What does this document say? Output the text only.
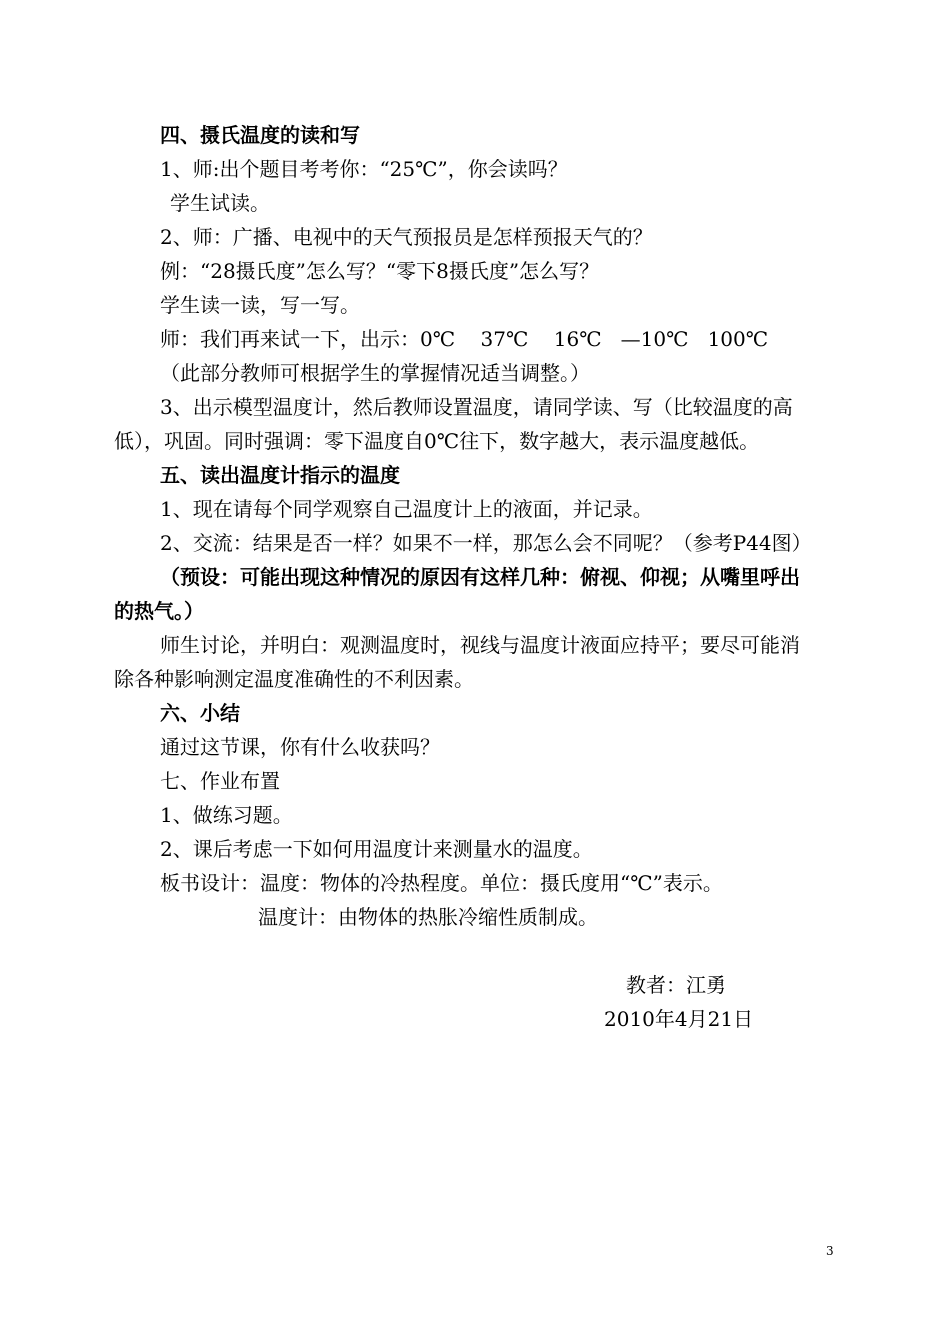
四、摄氏温度的读和写
1、师:出个题目考考你：“25℃”，你会读吗？
学生试读。
2、师：广播、电视中的天气预报员是怎样预报天气的？
例：“28摄氏度”怎么写？“零下8摄氏度”怎么写？
学生读一读，写一写。
师：我们再来试一下，出示：0℃    37℃    16℃   —10℃   100℃
（此部分教师可根据学生的掌握情况适当调整。）
3、出示模型温度计，然后教师设置温度，请同学读、写（比较温度的高
低），巩固。同时强调：零下温度自0℃往下，数字越大，表示温度越低。
五、读出温度计指示的温度
1、现在请每个同学观察自己温度计上的液面，并记录。
2、交流：结果是否一样？如果不一样，那怎么会不同呢？（参考P44图）
（预设：可能出现这种情况的原因有这样几种：俯视、仰视；从嘴里呼出
的热气。）
师生讨论，并明白：观测温度时，视线与温度计液面应持平；要尽可能消
除各种影响测定温度准确性的不利因素。
六、小结
通过这节课，你有什么收获吗？
七、作业布置
1、做练习题。
2、课后考虑一下如何用温度计来测量水的温度。
板书设计：温度：物体的冷热程度。单位：摄氏度用“℃”表示。
温度计：由物体的热胀冷缩性质制成。
教者：江勇
2010年4月21日
3
